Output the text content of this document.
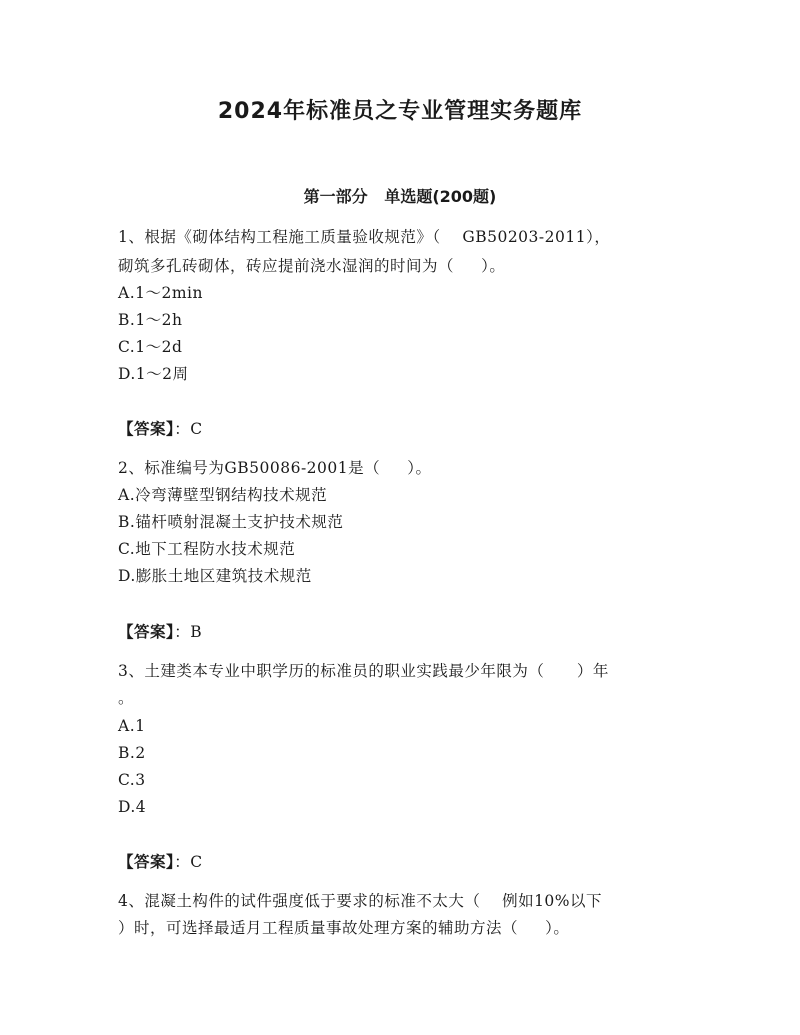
2024年标准员之专业管理实务题库
第一部分   单选题(200题)
1、根据《砌体结构工程施工质量验收规范》（    GB50203-2011），
砌筑多孔砖砌体，砖应提前浇水湿润的时间为（     ）。
A.1～2min
B.1～2h
C.1～2d
D.1～2周
【答案】：C
2、标准编号为GB50086-2001是（     ）。
A.冷弯薄壁型钢结构技术规范
B.锚杆喷射混凝土支护技术规范
C.地下工程防水技术规范
D.膨胀土地区建筑技术规范
【答案】：B
3、土建类本专业中职学历的标准员的职业实践最少年限为（      ）年
。
A.1
B.2
C.3
D.4
【答案】：C
4、混凝土构件的试件强度低于要求的标准不太大（    例如10%以下
）时，可选择最适月工程质量事故处理方案的辅助方法（     ）。
